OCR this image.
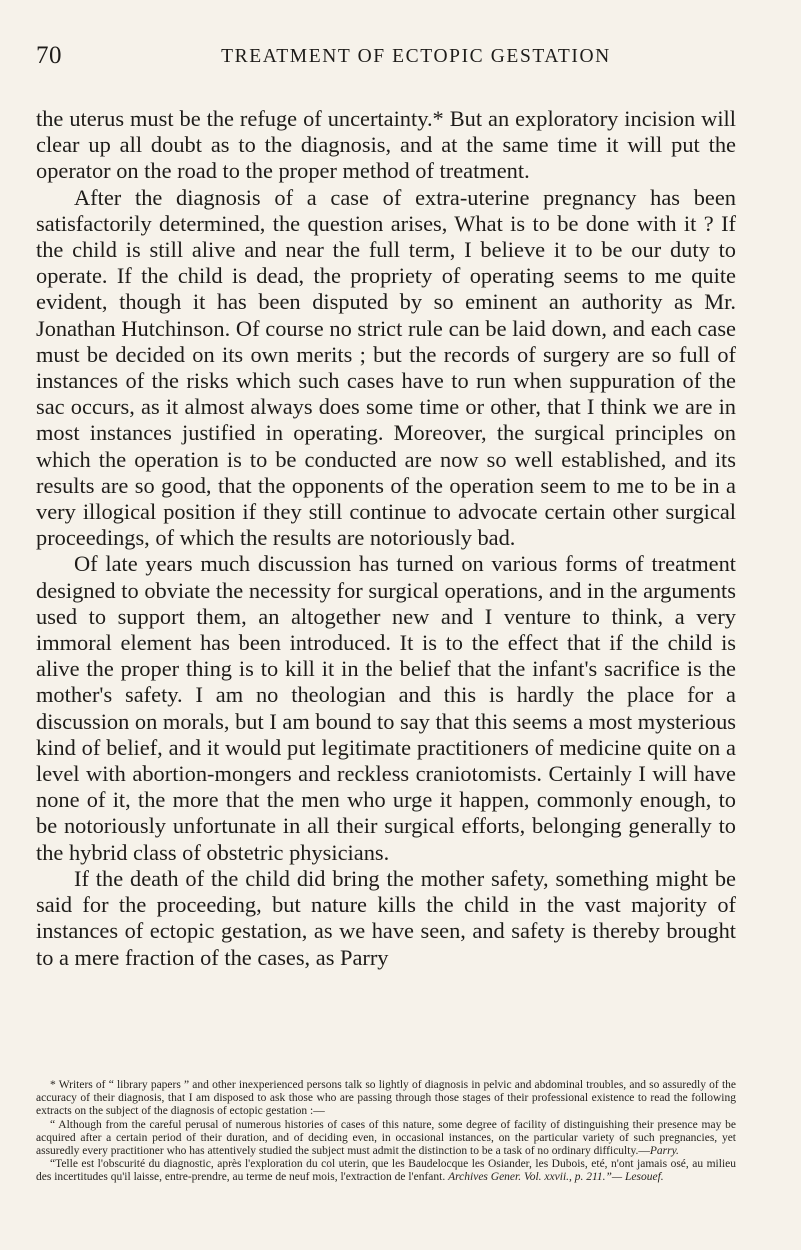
70	TREATMENT OF ECTOPIC GESTATION

the uterus must be the refuge of uncertainty.* But an exploratory incision will clear up all doubt as to the diagnosis, and at the same time it will put the operator on the road to the proper method of treatment.

After the diagnosis of a case of extra-uterine pregnancy has been satisfactorily determined, the question arises, What is to be done with it ? If the child is still alive and near the full term, I believe it to be our duty to operate. If the child is dead, the propriety of operating seems to me quite evident, though it has been disputed by so eminent an authority as Mr. Jonathan Hutchinson. Of course no strict rule can be laid down, and each case must be decided on its own merits ; but the records of surgery are so full of instances of the risks which such cases have to run when suppuration of the sac occurs, as it almost always does some time or other, that I think we are in most instances justified in operating. Moreover, the surgical principles on which the operation is to be conducted are now so well established, and its results are so good, that the opponents of the operation seem to me to be in a very illogical position if they still continue to advocate certain other surgical proceedings, of which the results are notoriously bad.

Of late years much discussion has turned on various forms of treatment designed to obviate the necessity for surgical operations, and in the arguments used to support them, an altogether new and I venture to think, a very immoral element has been introduced. It is to the effect that if the child is alive the proper thing is to kill it in the belief that the infant's sacrifice is the mother's safety. I am no theologian and this is hardly the place for a discussion on morals, but I am bound to say that this seems a most mysterious kind of belief, and it would put legitimate practitioners of medicine quite on a level with abortion-mongers and reckless craniotomists. Certainly I will have none of it, the more that the men who urge it happen, commonly enough, to be notoriously unfortunate in all their surgical efforts, belonging generally to the hybrid class of obstetric physicians.

If the death of the child did bring the mother safety, something might be said for the proceeding, but nature kills the child in the vast majority of instances of ectopic gestation, as we have seen, and safety is thereby brought to a mere fraction of the cases, as Parry

* Writers of “ library papers ” and other inexperienced persons talk so lightly of diagnosis in pelvic and abdominal troubles, and so assuredly of the accuracy of their diagnosis, that I am disposed to ask those who are passing through those stages of their professional existence to read the following extracts on the subject of the diagnosis of ectopic gestation :—

“ Although from the careful perusal of numerous histories of cases of this nature, some degree of facility of distinguishing their presence may be acquired after a certain period of their duration, and of deciding even, in occasional instances, on the particular variety of such pregnancies, yet assuredly every practitioner who has attentively studied the subject must admit the distinction to be a task of no ordinary difficulty.—Parry.

“Telle est l'obscurité du diagnostic, après l'exploration du col uterin, que les Baudelocque les Osiander, les Dubois, eté, n'ont jamais osé, au milieu des incertitudes qu'il laisse, entre-prendre, au terme de neuf mois, l'extraction de l'enfant. Archives Gener. Vol. xxvii., p. 211.”— Lesouef.
